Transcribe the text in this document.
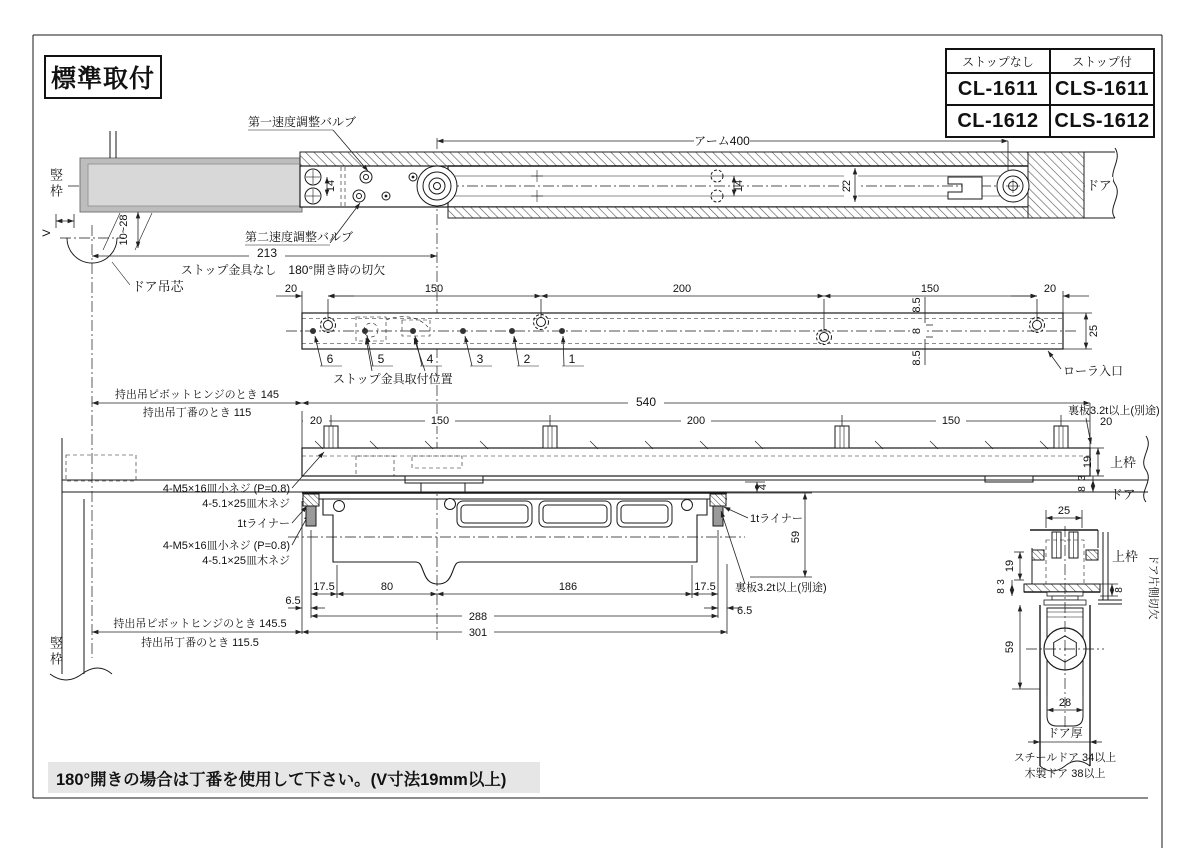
14	14
アーム400
22	ドア
第一速度調整バルブ
第二速度調整バルブ
V	10~28
ドア吊芯
213
ストップ金具なし　180°開き時の切欠
20	150	200	150	20
6	5	4	3	2	1
ストップ金具取付位置
8.5
8
8.5
25
ローラ入口
持出吊ピボットヒンジのとき 145
持出吊丁番のとき 115
540
20	150	200	150	20
裏板3.2t以上(別途)
19 上枠
3
8 ドア
4
1tライナー
4-M5×16皿小ネジ (P=0.8)
4-5.1×25皿木ネジ
1tライナー
4-M5×16皿小ネジ (P=0.8)
4-5.1×25皿木ネジ
59
裏板3.2t以上(別途)
17.5	80	186	17.5
6.5
6.5
288
301
持出吊ピボットヒンジのとき 145.5
持出吊丁番のとき 115.5
25
19
上枠
3
8	8 ドア片側切欠
59
28
ドア厚
スチールドア 34以上
木製ドア 38以上
標準取付
ストップなし	ストップ付
CL-1611	CLS-1611
CL-1612	CLS-1612
竪枠
竪枠
180°開きの場合は丁番を使用して下さい。(V寸法19mm以上)
